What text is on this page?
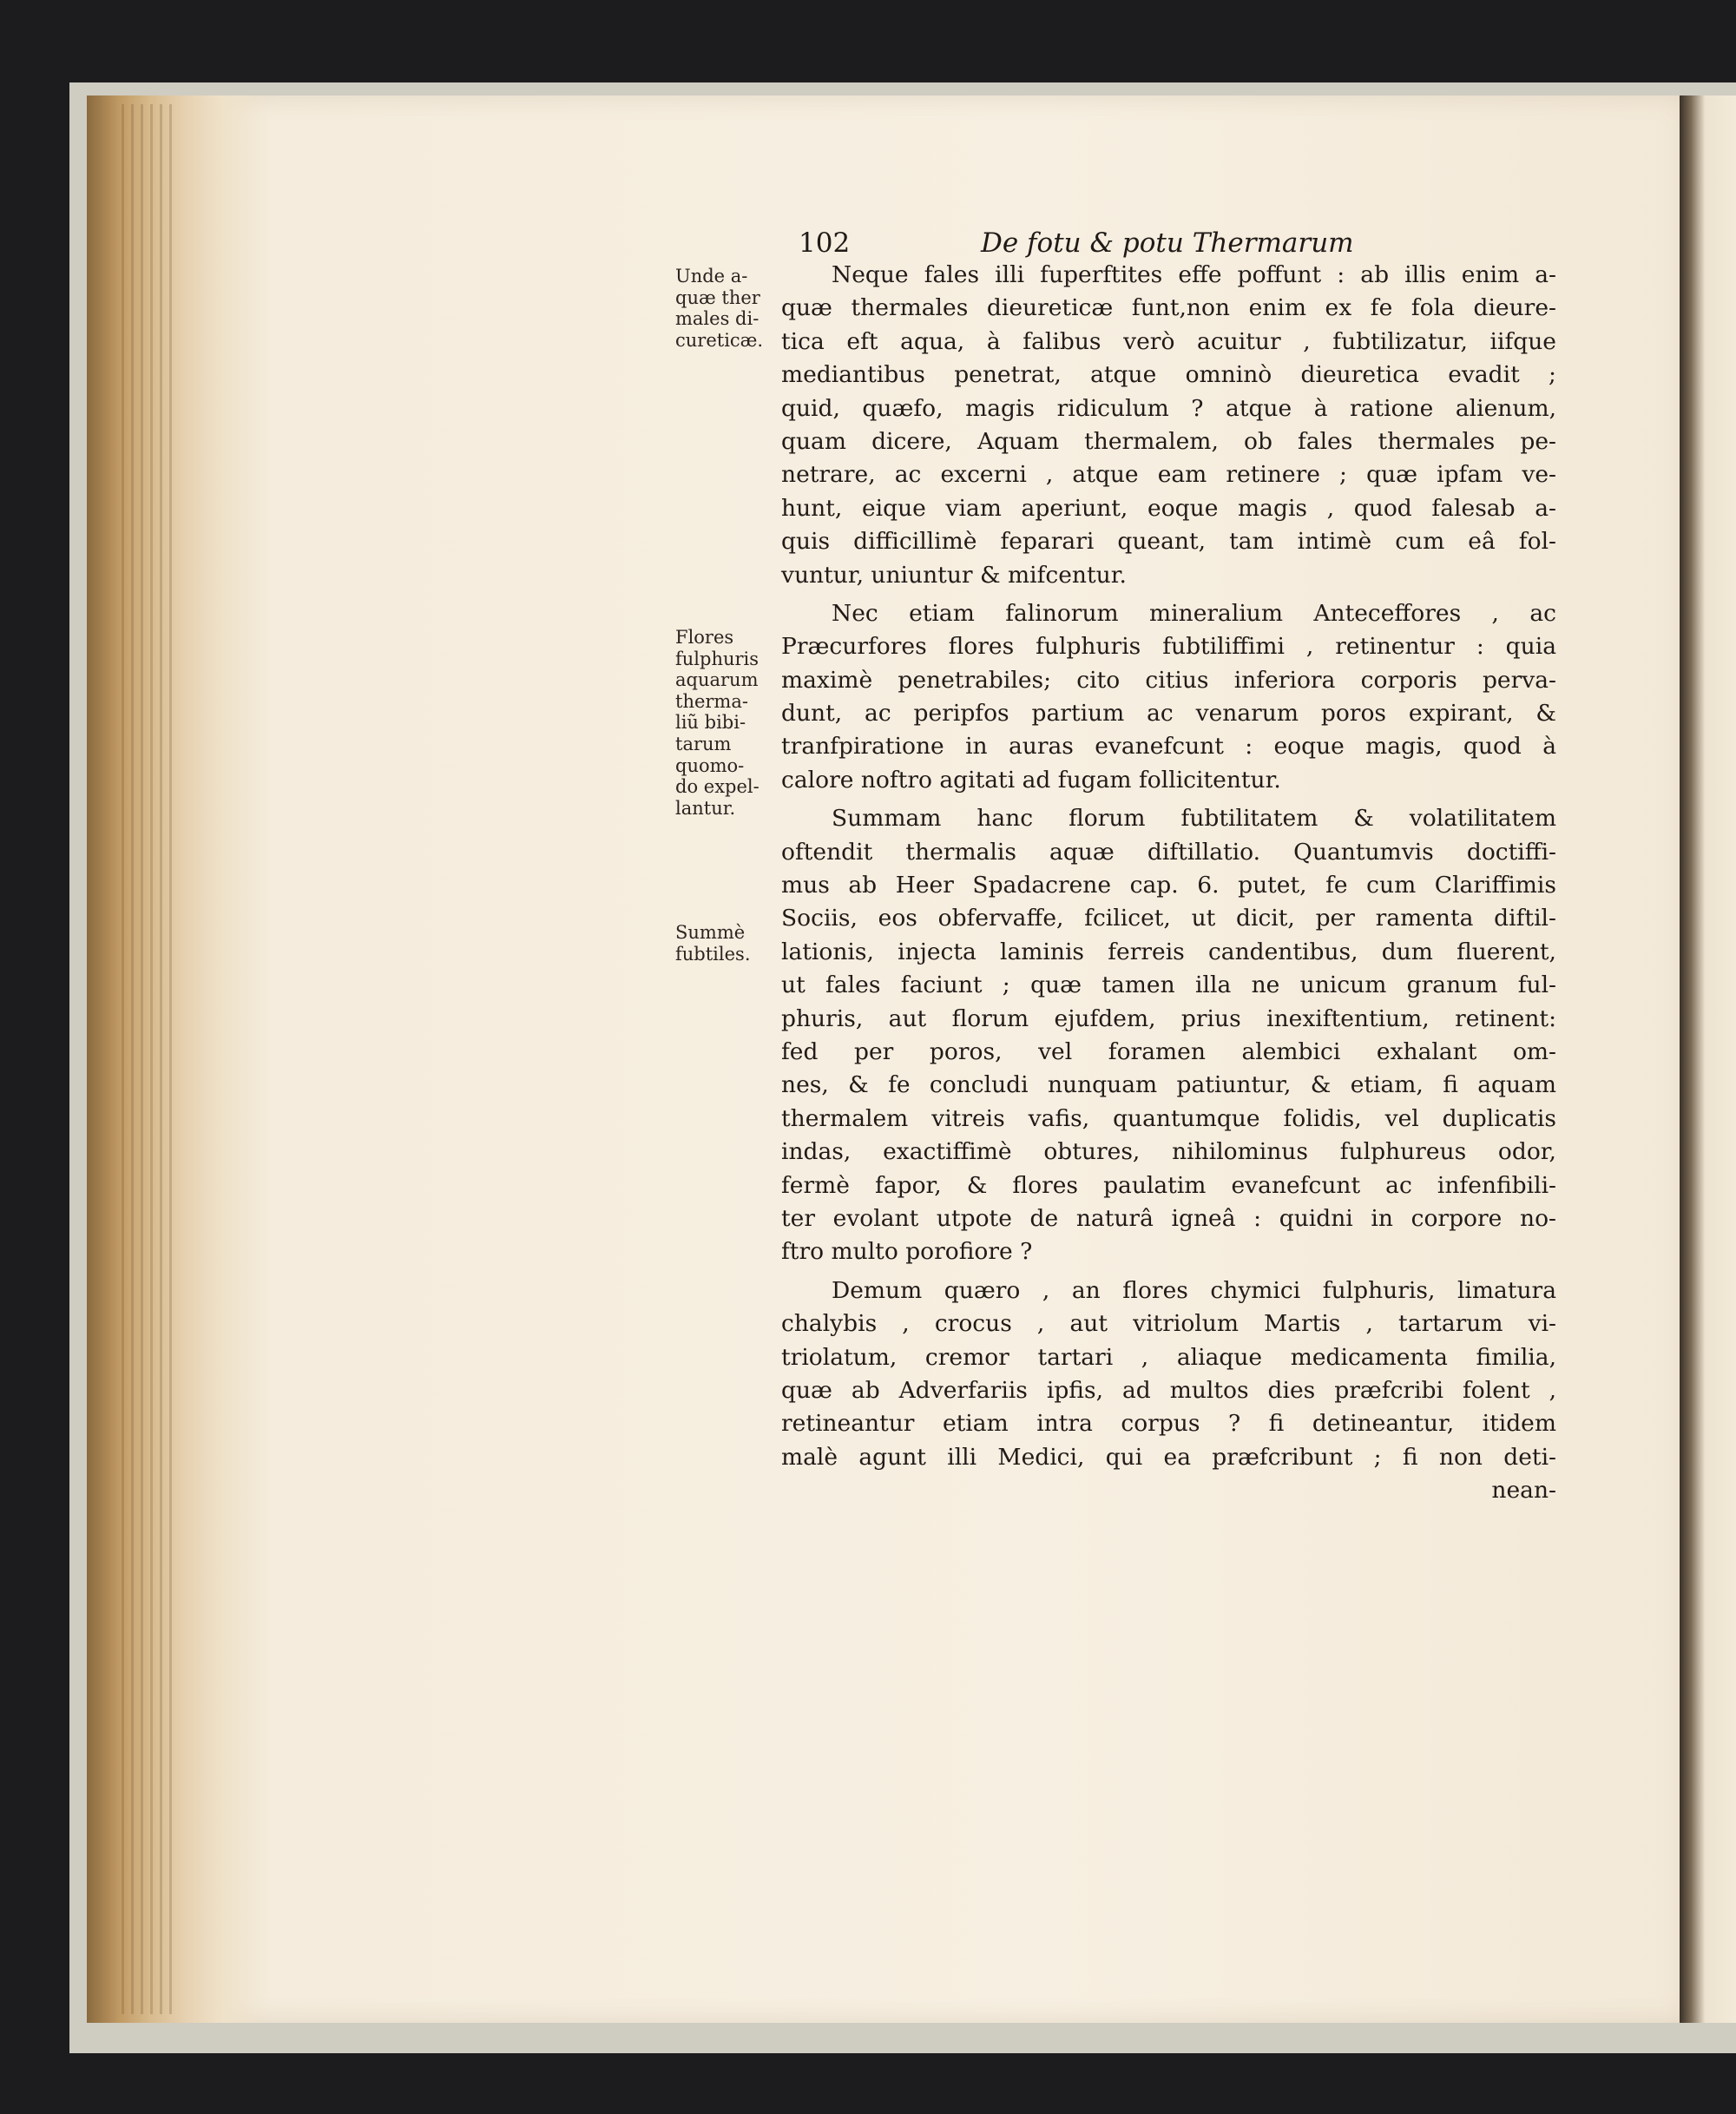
102	De fotu & potu Thermarum
Unde a-
quæ ther
males di-
cureticæ.
Flores
fulphuris
aquarum
therma-
liũ bibi-
tarum
quomo-
do expel-
lantur.
Summè
fubtiles.
Neque fales illi fuperftites effe poffunt : ab illis enim a-
quæ thermales dieureticæ funt,non enim ex fe fola dieure-
tica eft aqua, à falibus verò acuitur , fubtilizatur, iifque
mediantibus penetrat, atque omninò dieuretica evadit ;
quid, quæfo, magis ridiculum ? atque à ratione alienum,
quam dicere, Aquam thermalem, ob fales thermales pe-
netrare, ac excerni , atque eam retinere ; quæ ipfam ve-
hunt, eique viam aperiunt, eoque magis , quod falesab a-
quis difficillimè feparari queant, tam intimè cum eâ fol-
vuntur, uniuntur & mifcentur.
Nec etiam falinorum mineralium Anteceffores , ac
Præcurfores flores fulphuris fubtiliffimi , retinentur : quia
maximè penetrabiles; cito citius inferiora corporis perva-
dunt, ac peripfos partium ac venarum poros expirant, &
tranfpiratione in auras evanefcunt : eoque magis, quod à
calore noftro agitati ad fugam follicitentur.
Summam hanc florum fubtilitatem & volatilitatem
oftendit thermalis aquæ diftillatio. Quantumvis doctiffi-
mus ab Heer Spadacrene cap. 6. putet, fe cum Clariffimis
Sociis, eos obfervaffe, fcilicet, ut dicit, per ramenta diftil-
lationis, injecta laminis ferreis candentibus, dum fluerent,
ut fales faciunt ; quæ tamen illa ne unicum granum ful-
phuris, aut florum ejufdem, prius inexiftentium, retinent:
fed per poros, vel foramen alembici exhalant om-
nes, & fe concludi nunquam patiuntur, & etiam, fi aquam
thermalem vitreis vafis, quantumque folidis, vel duplicatis
indas, exactiffimè obtures, nihilominus fulphureus odor,
fermè fapor, & flores paulatim evanefcunt ac infenfibili-
ter evolant utpote de naturâ igneâ : quidni in corpore no-
ftro multo porofiore ?
Demum quæro , an flores chymici fulphuris, limatura
chalybis , crocus , aut vitriolum Martis , tartarum vi-
triolatum, cremor tartari , aliaque medicamenta fimilia,
quæ ab Adverfariis ipfis, ad multos dies præfcribi folent ,
retineantur etiam intra corpus ? fi detineantur, itidem
malè agunt illi Medici, qui ea præfcribunt ; fi non deti-
nean-
